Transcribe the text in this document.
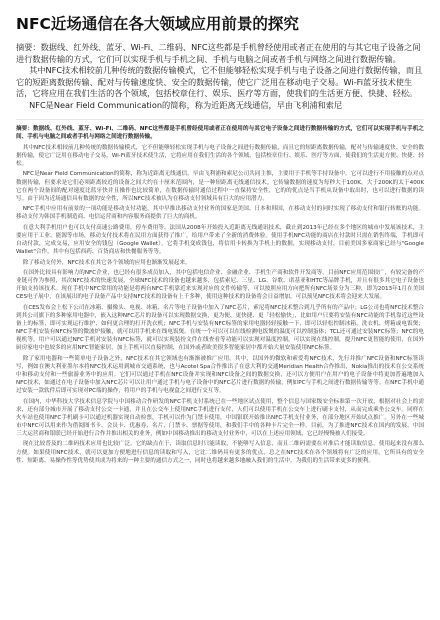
NFC近场通信在各大领域应用前景的探究

摘要：数据线、红外线、蓝牙、Wi-Fi、二维码、NFC这些都是手机曾经使用或者正在使用的与其它电子设备之间进行数据传输的方式，它们可以实现手机与手机之间、手机与电脑之间或者手机与网络之间进行数据传输。

其中NFC技术相较前几种传统的数据传输模式，它不但能够轻松实现手机与电子设备之间进行数据传输，而且它的短距离数据传输、配对与传输速度快、安全的数据传输，使它广泛用在移动电子交易。Wi-Fi蓝牙技术使生活，它将应用在我们生活的各个领域，包括校章住行、娱乐、医疗等方面，使我们的生活更方便、快捷、轻松。

NFC是Near Field Communication的简称，称为近距离无线通信，早由飞利浦和索尼

摘要：数据线、红外线、蓝牙、Wi-Fi、二维码、NFC这些都是手机曾经使用或者正在使用的与其它电子设备之间进行数据传输的方式，它们可以实现手机与手机之间、手机与电脑之间或者手机与网络之间进行数据传输。

其中NFC技术相较前几种传统的数据传输模式，它不但能够轻松实现手机与电子设备之间进行数据传输，而且它的短距离数据传输，配对与传输速度快、安全的数据传输，使它广泛用在移动电子交易。Wi-Fi蓝牙技术使生活，它将应用在我们生活的各个领域，包括校章住行、娱乐、医疗等方面，使我们的生活更方便、快捷、轻松。

NFC是Near Field Communication的简称，称为近距离无线通信，早由飞利浦和索尼公司共同主推，主要用于手机等手持设备中。它可以进行不用接触的点对点数据传输，但要求是它们必须距离较近的设备之间大约在十厘米范围内，是一种短距离无线通信技术。它传输数据的速度为每秒大于100K，大于200K的太于400K 它在两个设备间的配对速度比蓝牙快并且操作也比较简单，在数据传输时通信过程中一直保持安全性，它的的优点是当手机从设备中取出时，也可以进行数据的读写。由于因为近场通信具有数据的安全性，所以NFC技术被认为在移动支付领域具有巨大的应用潜力。

NFC手机中应用有前景的一项功能是移动支付功能，其中早推出移动支付业务的国家是美国、日本和韩国，在移动支付的同时实现了移动支付和银行转账的功能。移动支付为韩国手机制造商、电信运营商和内容服务商提供了巨大的商机。

在意大利手机用户也可以支付高速公路费用，停车费用等。法国从2008年开始投入近距离无线通讯技术，截止到2013年已经在多个地区的城市中发展该技术，主要应用于工业、能源等市场，移动支付技术将在民用方面获得了推广，给用户带来了全新的消费体验。使用手机NFC功能的商店在付款时只需在销售终端，手机即可自动付款，完成交易，应用安全的钱包（Google Wallet），它将手机变成钱包，将信用卡转换为手机上的数据，实现移动支付，目前美国多家商家已经与"Google Wallet"合作，其中有包括西药、百货商店和快餐服务等等。

除了移动支付外，NFC技术在其它各个领域的应用也渐渐发展起来。

在国外比较具有影响力的NFC企业，也已经有很多成员加入，其中包括电信企业、金融企业、手机生产商和软件开发商等。目前NFC应用范围较广，有较完备的产业链可作为参照，其次NFC技术的快速发展，全球NFC技术的设备也越来越多，包括索尼、三星、LG、谷歌、诺基亚和HTC等品牌手机，并且有很多其它电子设备也开始支持该技术。现在手机中NFC常用的功能是将两台NFC手机靠近来实现对应的文件传输等，可以按照应用方向把所有NFC场景分为三种，即为2013年1月在美国CES电子展中，在该展出的电子设备产品中支持NFC技术的设备有上千多种，使用这种技术的设备将会日益增加，可以预见NFC技术将会迎来大发展。

在CES发布会上松下公司在冰箱、摄像头、电视、冰箱、名片等电子设备中加入了NFC芯片，索尼将NFC技术整合到几乎所有的产品中；LG公司也将NFC技术整合到其公司旗下的多种家用电器中，嵌入这种NFC芯片的设备可以实现数据交换，更为便、更快捷、更「轻松愉快」，比如用户只要将安装有NFC功能的手机靠近这些设备上的标签，即可实现运行维护、如何更合理的打开洗衣机；NFC手机与安装有NFC标签的家用电器轻轻接触一下，即可以轻松控制冰箱、洗衣机、烤箱或电饭煲；NFC手机安装有NFC标签的微波炉接触，就可以用手机来在线电饭煲。在统一个可以可以在线检测电饭煲的温度可以控制蛋体；TCL还可通过安装NFC标签；NFC的电视机等，用户可以通过NFC手机对安装有NFC标签，就可以实现装扮文件在线查看等功能可以实现对温度控制，可以实现在线控制，提升NFC更智能的使用，在国外厨房家电中也较多的应用NFC智能家居，加上手机可以直接控制，在国外或者欧美很多智能家居中都开始大量安装使用NFC标签。

除了家用电器和一些简单电子设备之外，NFC技术在其它领域也有渐渐被推广应用，其中，以国外的微软和索爱将NFC技术，先行并推广NFC设备和NFC标签读写，例如在澳大利亚墨尔本将NFC技术运用到城市交通系统，也与Acotel Spa合作推出了在意大利的交通Meridian Health合作推出，Nokia推出的技术在公交系统中和移动支付和一些旅游业务中的应用。它们可以通过手机在NFC设备并实现和NFC设备之间的数据交换，还可以方便用户在用户的电子设备中将更加普遍地加入NFC技术，如通过在电子设备中加入NFC芯片可以让用户通过手机与电子设备中的NFC芯片进行数据的传输，例如PC与手机之间进行数据传输等等。在NFC手机中通过安装一款软件后即可实现对PC端的操作，将用户的手机与电视盒之间进行交互等。

在国内，中华科技大学技术信息学院与中国移动合作研发的NFC手机支付系统已在一些地区试点使用，整个信息与国家级安全标准第一次开放，根据对社会上的需求，还有部分城市开展了移动支付公交一卡通，并且在公交车上使用NFC手机进行支付，人们可以使用手机在公交车上进行刷卡支付，从而完成乘坐公交车。同样在火车站也使用NFC手机刷卡可以通过机器实现自动检票，手机可以作为门禁卡使用，中国银联开始推出NFC手机支付业务，在部分地区开始试点推广。另外在一些城市中NFC可以用来作为借阅图书卡、会员卡、优惠券、名片、门禁卡、票据等使用，和我们手中的各种卡片完全一样。目前，为了推进NFC技术在国内的发展，中国三大运营商和银联已经开始进行合作并推出相关的业务，例如中国移动推出的移动支付业务中，可以在上述应用领域，它已经慢慢被人们接受。

现在比较普及的二维码技术应用也比较广泛，它的缺点在于，读取信息时只能读取，不能够写入信息，而且二维码需要在对准后才能读取信息，使用起来没有那么方便。如果使用NFC技术，就可以更加方便地进行信息的读取和写入，它比二维码具有更多的优点，总之在NFC技术在各个领域将有广泛的应用，它所具有的安全性、短距离、易操作性等优势使其成为将来的一种主要的通信方式之一，同时也将越来越多地融入我们的生活中，为我们的生活带来更多的便利。
